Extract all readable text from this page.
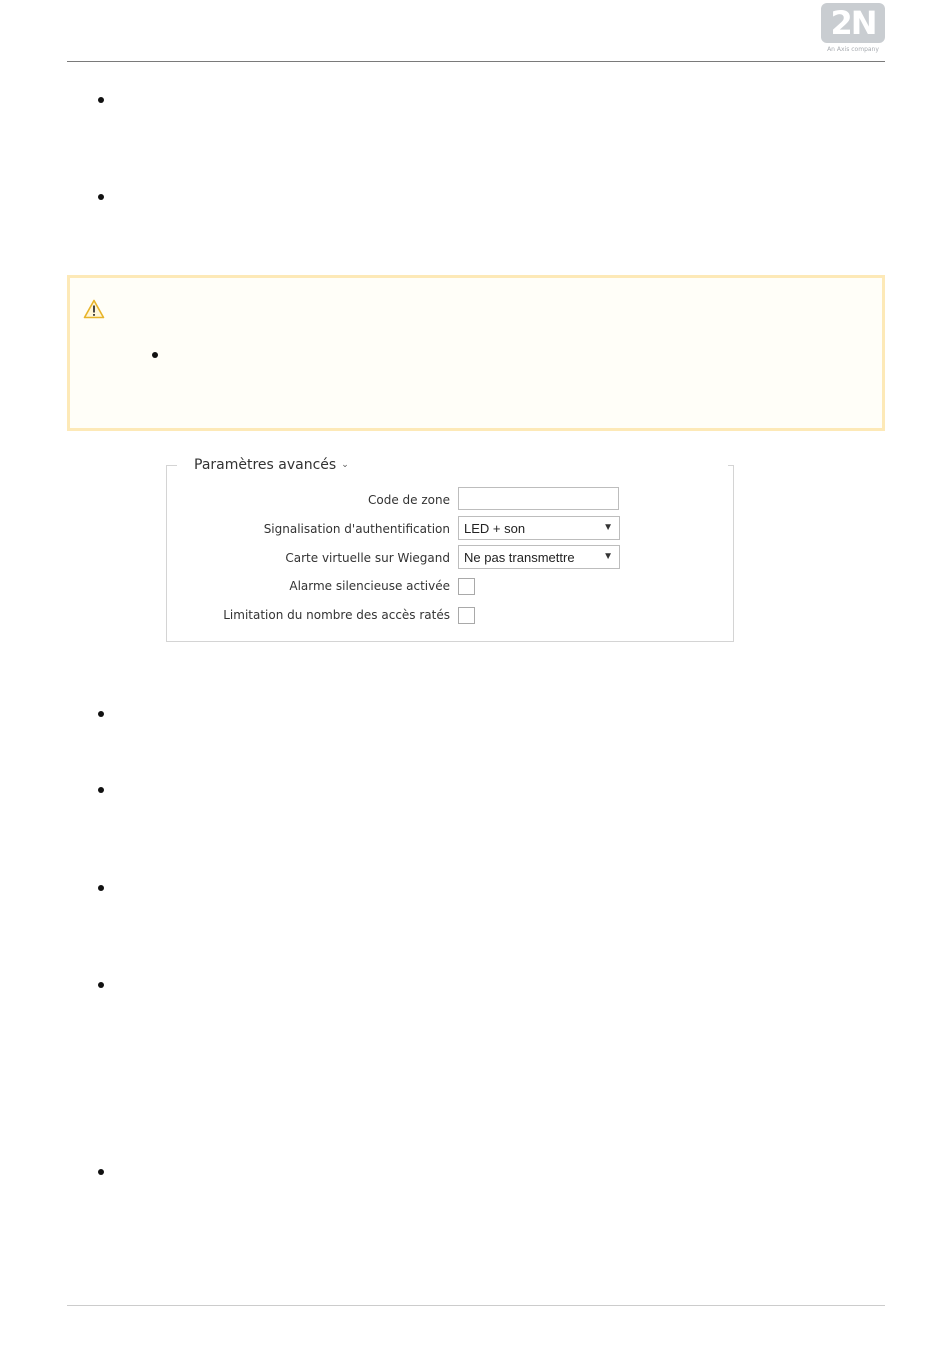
2N
An Axis company
Paramètres avancés ⌄
Code de zone
Signalisation d'authentification LED + son	▼
Carte virtuelle sur Wiegand Ne pas transmettre	▼
Alarme silencieuse activée
Limitation du nombre des accès ratés
